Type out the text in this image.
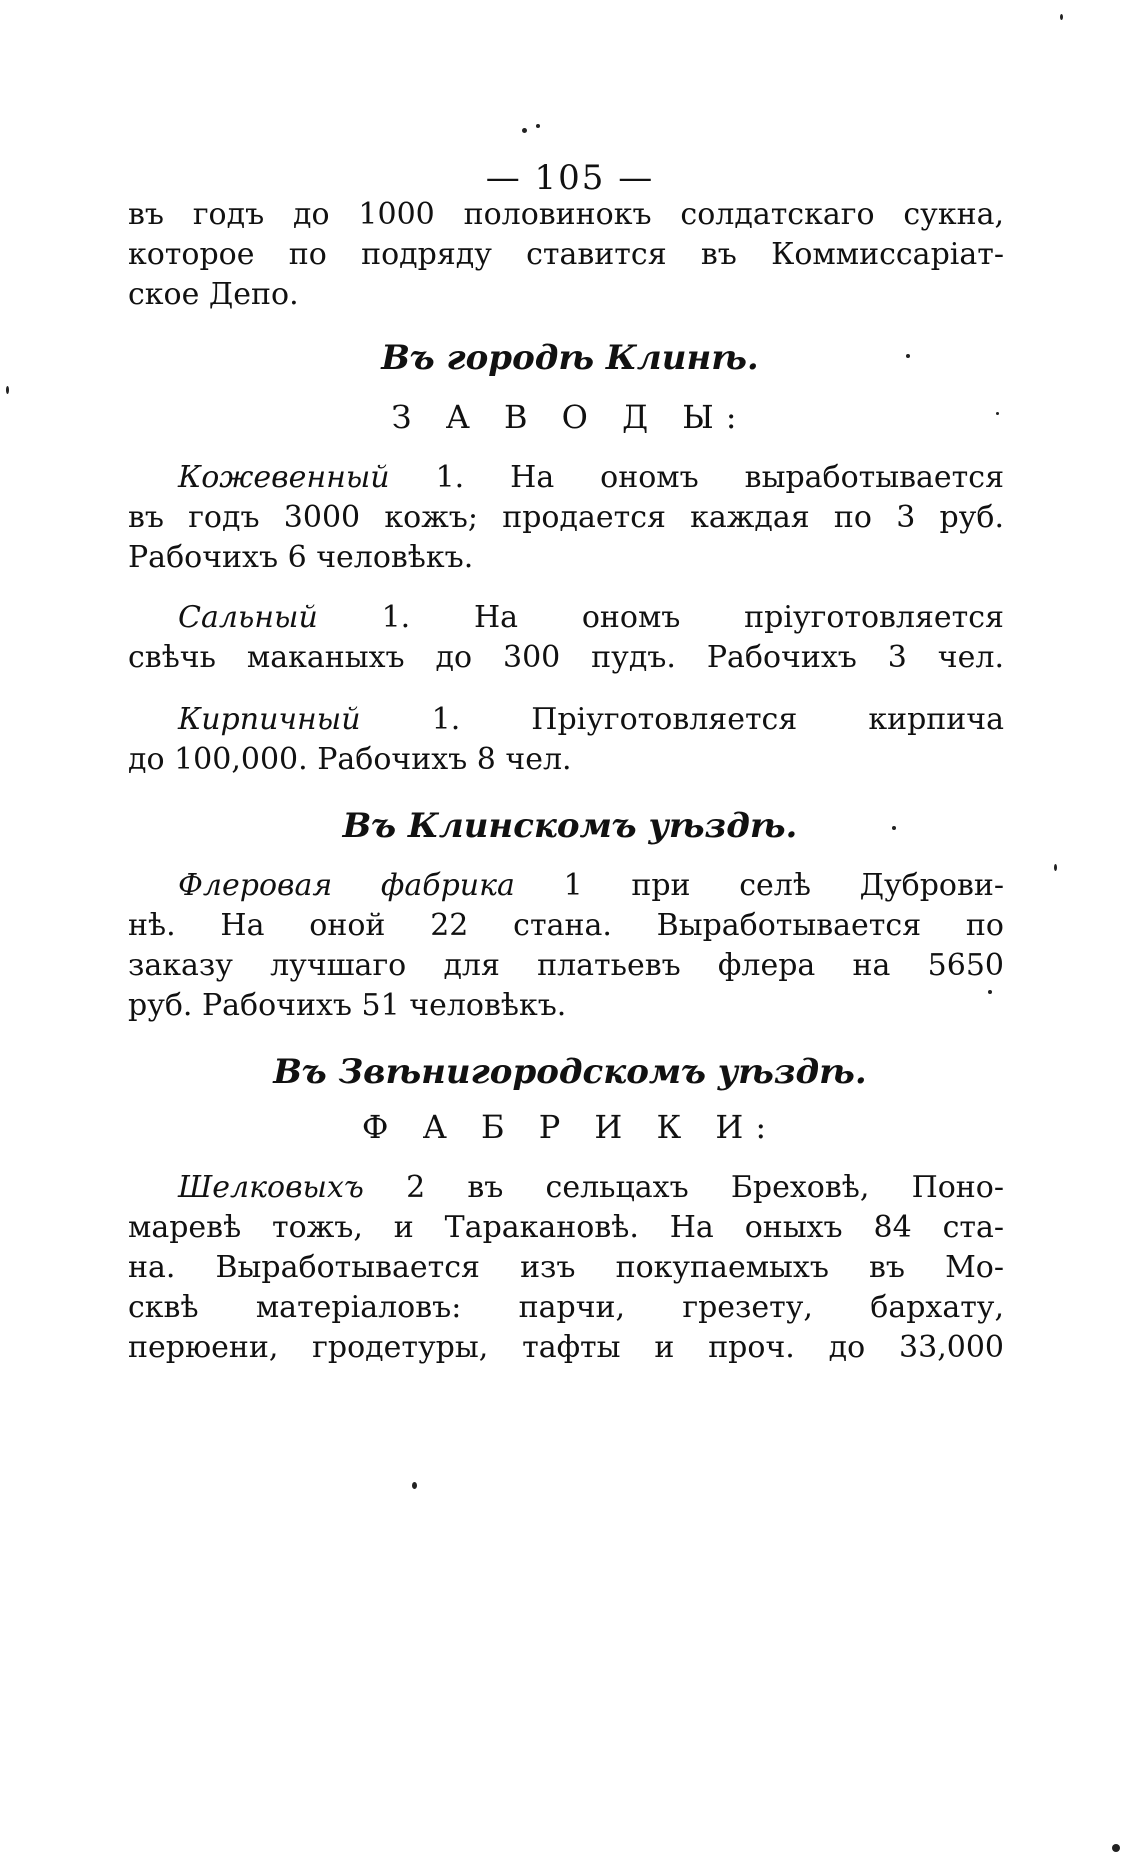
— 105 —
въ годъ до 1000 половинокъ солдатскаго сукна,
которое по подряду ставится въ Коммиссаріат-
ское Депо.
Въ городѣ Клинѣ.
З А В О Д Ы:
Кожевенный 1. На ономъ выработывается
въ годъ 3000 кожъ; продается каждая по 3 руб.
Рабочихъ 6 человѣкъ.
Сальный 1. На ономъ пріуготовляется
свѣчь маканыхъ до 300 пудъ. Рабочихъ 3 чел.
Кирпичный 1. Пріуготовляется кирпича
до 100,000. Рабочихъ 8 чел.
Въ Клинскомъ уѣздѣ.
Флеровая фабрика 1 при селѣ Дуброви-
нѣ. На оной 22 стана. Выработывается по
заказу лучшаго для платьевъ флера на 5650
руб. Рабочихъ 51 человѣкъ.
Въ Звѣнигородскомъ уѣздѣ.
Ф А Б Р И К И:
Шелковыхъ 2 въ сельцахъ Бреховѣ, Поно-
маревѣ тожъ, и Таракановѣ. На оныхъ 84 ста-
на. Выработывается изъ покупаемыхъ въ Мо-
сквѣ матеріаловъ: парчи, грезету, бархату,
перюени, гродетуры, тафты и проч. до 33,000
